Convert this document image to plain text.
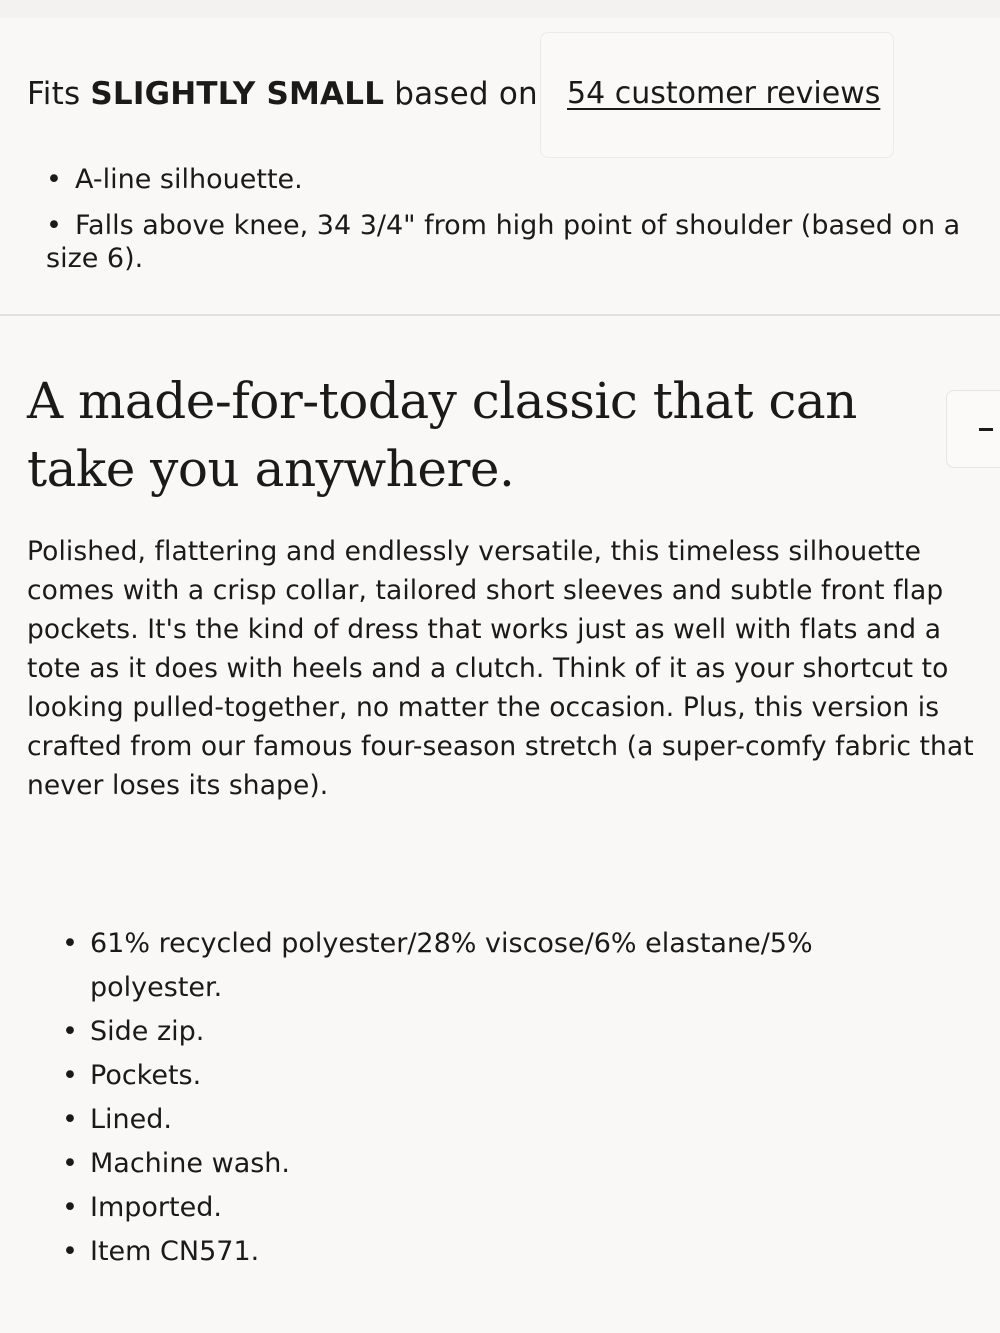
Fits SLIGHTLY SMALL based on 54 customer reviews
• A-line silhouette.
• Falls above knee, 34 3/4" from high point of shoulder (based on a
size 6).
A made-for-today classic that can
take you anywhere.

Polished, flattering and endlessly versatile, this timeless silhouette comes with a crisp collar, tailored short sleeves and subtle front flap pockets. It's the kind of dress that works just as well with flats and a tote as it does with heels and a clutch. Think of it as your shortcut to looking pulled-together, no matter the occasion. Plus, this version is crafted from our famous four-season stretch (a super-comfy fabric that never loses its shape).

• 61% recycled polyester/28% viscose/6% elastane/5% polyester.
• Side zip.
• Pockets.
• Lined.
• Machine wash.
• Imported.
• Item CN571.
